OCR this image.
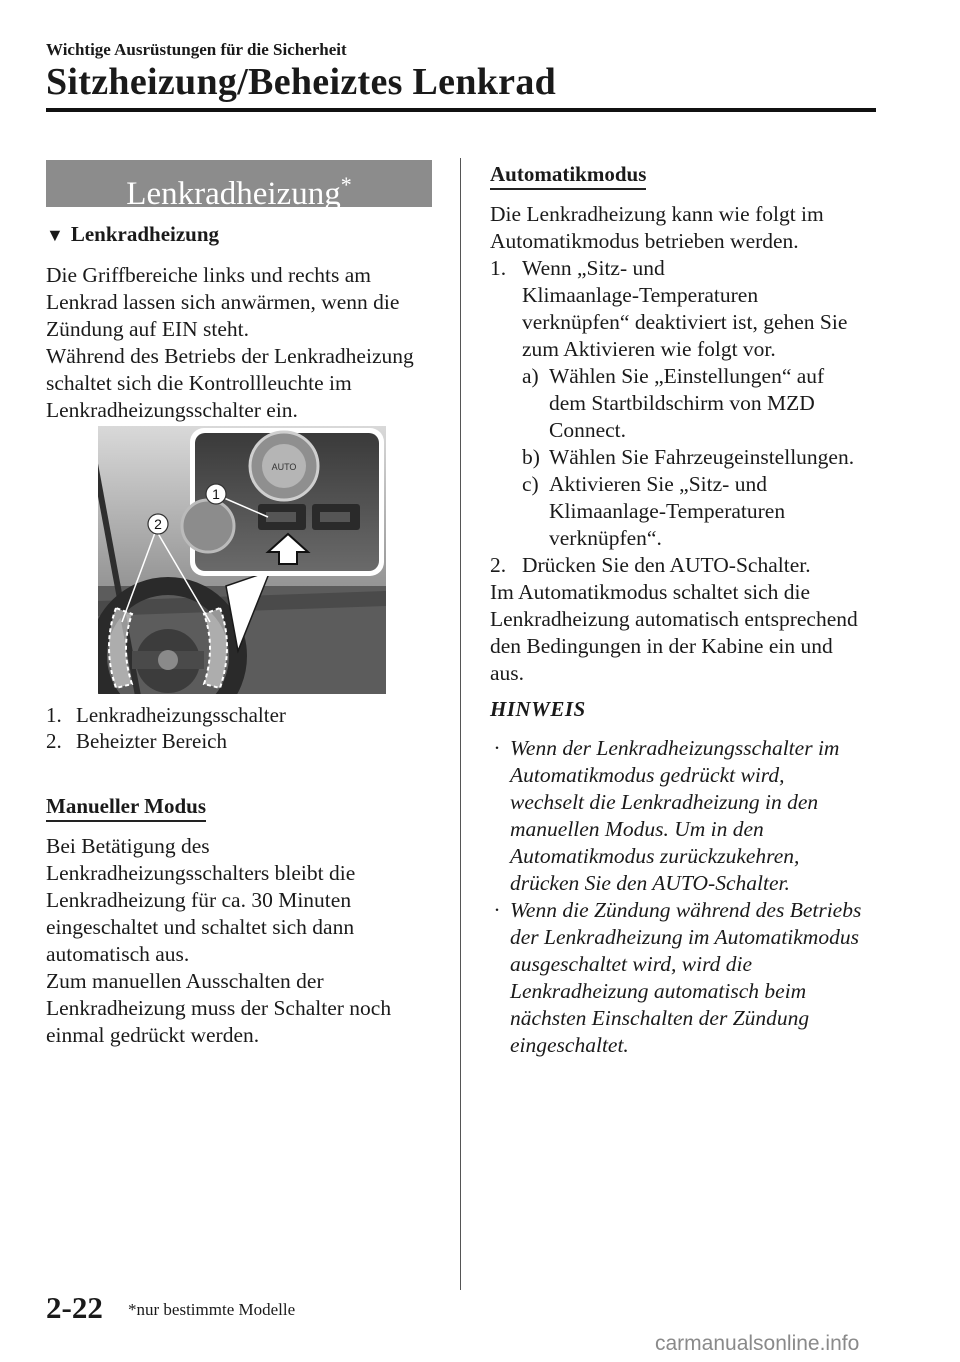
Wichtige Ausrüstungen für die Sicherheit
Sitzheizung/Beheiztes Lenkrad
Lenkradheizung*
▼ Lenkradheizung
Die Griffbereiche links und rechts am
Lenkrad lassen sich anwärmen, wenn die
Zündung auf EIN steht.
Während des Betriebs der Lenkradheizung
schaltet sich die Kontrollleuchte im
Lenkradheizungsschalter ein.
AUTO
1
2
1. Lenkradheizungsschalter
2. Beheizter Bereich
Manueller Modus
Bei Betätigung des
Lenkradheizungsschalters bleibt die
Lenkradheizung für ca. 30 Minuten
eingeschaltet und schaltet sich dann
automatisch aus.
Zum manuellen Ausschalten der
Lenkradheizung muss der Schalter noch
einmal gedrückt werden.
Automatikmodus
Die Lenkradheizung kann wie folgt im
Automatikmodus betrieben werden.
1. Wenn „Sitz- und
Klimaanlage-Temperaturen
verknüpfen“ deaktiviert ist, gehen Sie
zum Aktivieren wie folgt vor.
a) Wählen Sie „Einstellungen“ auf
dem Startbildschirm von MZD
Connect.
b) Wählen Sie Fahrzeugeinstellungen.
c) Aktivieren Sie „Sitz- und
Klimaanlage-Temperaturen
verknüpfen“.
2. Drücken Sie den AUTO-Schalter.
Im Automatikmodus schaltet sich die
Lenkradheizung automatisch entsprechend
den Bedingungen in der Kabine ein und
aus.
HINWEIS
· Wenn der Lenkradheizungsschalter im
Automatikmodus gedrückt wird,
wechselt die Lenkradheizung in den
manuellen Modus. Um in den
Automatikmodus zurückzukehren,
drücken Sie den AUTO-Schalter.
· Wenn die Zündung während des Betriebs
der Lenkradheizung im Automatikmodus
ausgeschaltet wird, wird die
Lenkradheizung automatisch beim
nächsten Einschalten der Zündung
eingeschaltet.
2-22 *nur bestimmte Modelle
carmanualsonline.info
